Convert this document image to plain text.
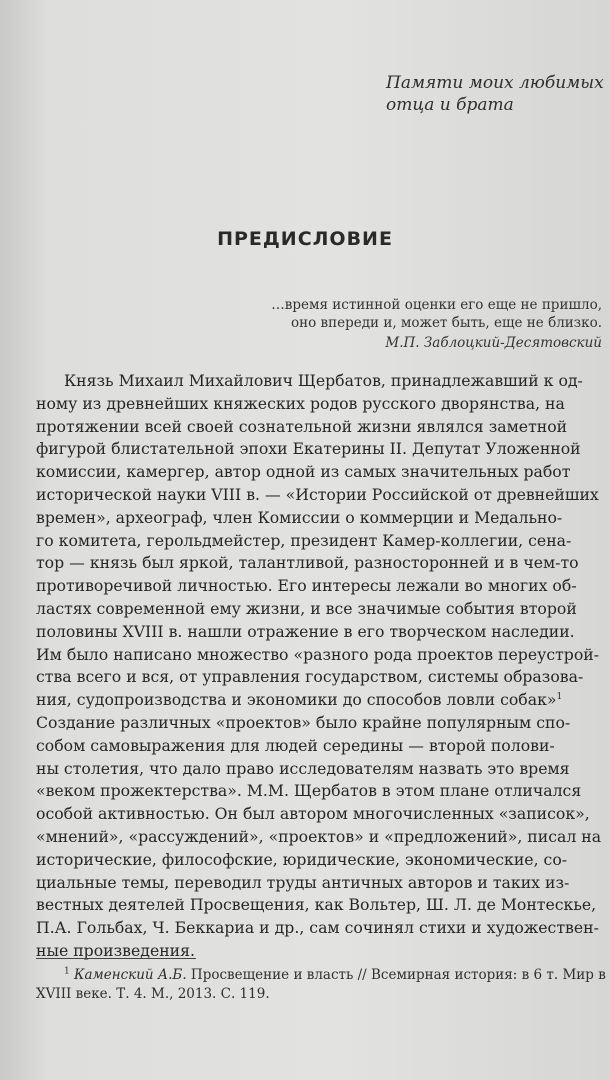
Памяти моих любимых
отца и брата
ПРЕДИСЛОВИЕ
…время истинной оценки его еще не пришло,
оно впереди и, может быть, еще не близко.
М.П. Заблоцкий-Десятовский
Князь Михаил Михайлович Щербатов, принадлежавший к од-
ному из древнейших княжеских родов русского дворянства, на
протяжении всей своей сознательной жизни являлся заметной
фигурой блистательной эпохи Екатерины II. Депутат Уложенной
комиссии, камергер, автор одной из самых значительных работ
исторической науки VIII в. — «Истории Российской от древнейших
времен», археограф, член Комиссии о коммерции и Медально-
го комитета, герольдмейстер, президент Камер-коллегии, сена-
тор — князь был яркой, талантливой, разносторонней и в чем-то
противоречивой личностью. Его интересы лежали во многих об-
ластях современной ему жизни, и все значимые события второй
половины XVIII в. нашли отражение в его творческом наследии.
Им было написано множество «разного рода проектов переустрой-
ства всего и вся, от управления государством, системы образова-
ния, судопроизводства и экономики до способов ловли собак»$^1$
Создание различных «проектов» было крайне популярным спо-
собом самовыражения для людей середины — второй полови-
ны столетия, что дало право исследователям назвать это время
«веком прожектерства». М.М. Щербатов в этом плане отличался
особой активностью. Он был автором многочисленных «записок»,
«мнений», «рассуждений», «проектов» и «предложений», писал на
исторические, философские, юридические, экономические, со-
циальные темы, переводил труды античных авторов и таких из-
вестных деятелей Просвещения, как Вольтер, Ш. Л. де Монтескье,
П.А. Гольбах, Ч. Беккариа и др., сам сочинял стихи и художествен-
ные произведения.
$^1$ Каменский А.Б. Просвещение и власть // Всемирная история: в 6 т. Мир в
XVIII веке. Т. 4. М., 2013. С. 119.
